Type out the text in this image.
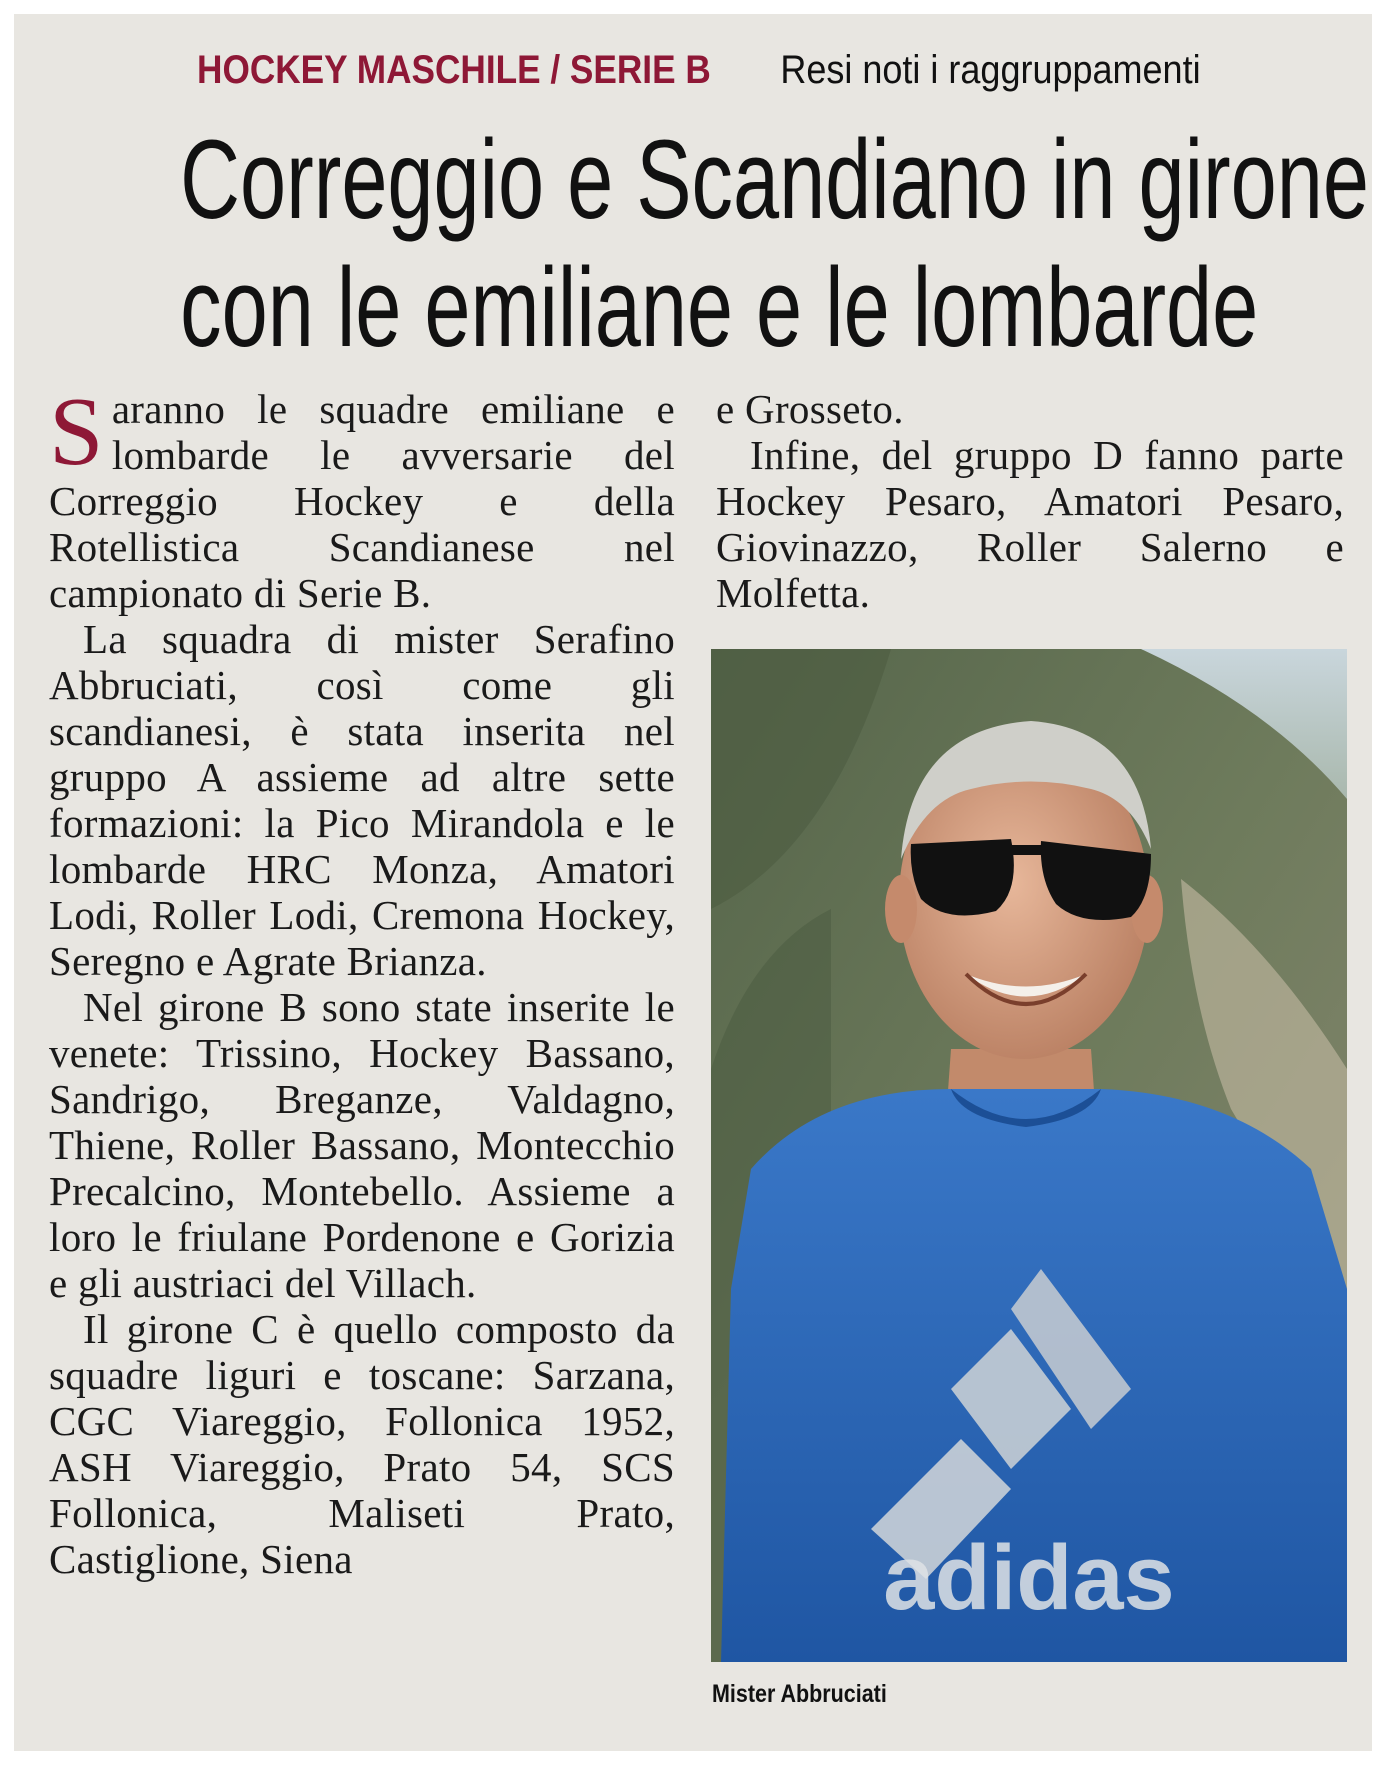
HOCKEY MASCHILE / SERIE B Resi noti i raggruppamenti
Correggio e Scandiano in girone
con le emiliane e le lombarde

Saranno le squadre emiliane e lombarde le avversarie del Correggio Hockey e della Rotellistica Scandianese nel campionato di Serie B.

La squadra di mister Serafino Abbruciati, così come gli scandianesi, è stata inserita nel gruppo A assieme ad altre sette formazioni: la Pico Mirandola e le lombarde HRC Monza, Amatori Lodi, Roller Lodi, Cremona Hockey, Seregno e Agrate Brianza.

Nel girone B sono state inserite le venete: Trissino, Hockey Bassano, Sandrigo, Breganze, Valdagno, Thiene, Roller Bassano, Montecchio Precalcino, Montebello. Assieme a loro le friulane Pordenone e Gorizia e gli austriaci del Villach.

Il girone C è quello composto da squadre liguri e toscane: Sarzana, CGC Viareggio, Follonica 1952, ASH Viareggio, Prato 54, SCS Follonica, Maliseti Prato, Castiglione, Siena

e Grosseto.

Infine, del gruppo D fanno parte Hockey Pesaro, Amatori Pesaro, Giovinazzo, Roller Salerno e Molfetta.

adidas
Mister Abbruciati
